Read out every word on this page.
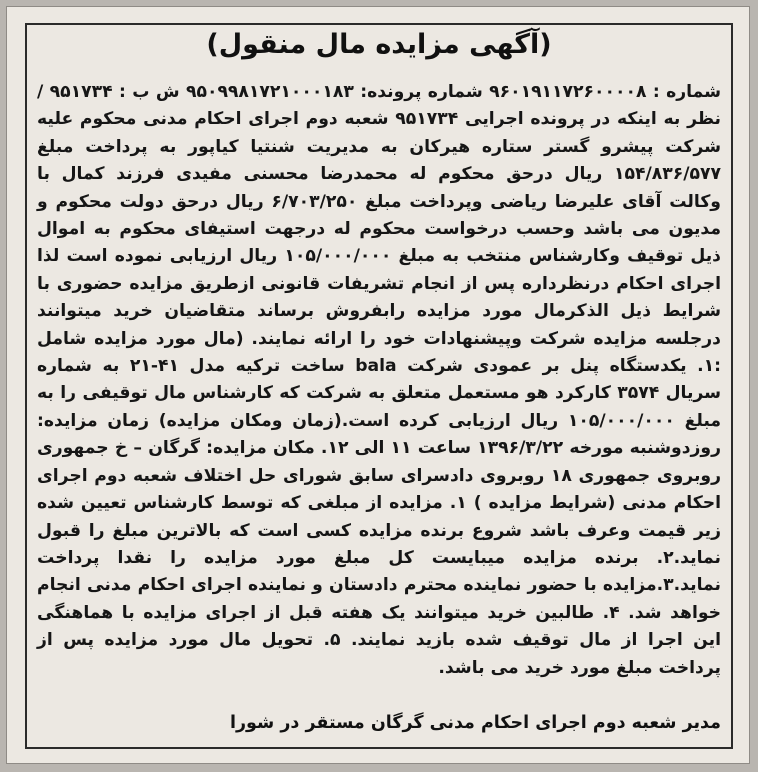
(آگهی مزایده مال منقول)

شماره : ۹۶۰۱۹۱۱۷۲۶۰۰۰۰۸ شماره پرونده: ۹۵۰۹۹۸۱۷۲۱۰۰۰۱۸۳ ش ب : ۹۵۱۷۳۴ / نظر به اینکه در پرونده اجرایی ۹۵۱۷۳۴ شعبه دوم اجرای احکام مدنی محکوم علیه شرکت پیشرو گستر ستاره هیرکان به مدیریت شنتیا کیاپور به پرداخت مبلغ ۱۵۴/۸۳۶/۵۷۷ ریال درحق محکوم له محمدرضا محسنی مفیدی فرزند کمال با وکالت آقای علیرضا ریاضی وپرداخت مبلغ ۶/۷۰۳/۲۵۰ ریال درحق دولت محکوم و مدیون می باشد وحسب درخواست محکوم له درجهت استیفای محکوم به اموال ذیل توقیف وکارشناس منتخب به مبلغ ۱۰۵/۰۰۰/۰۰۰ ریال ارزیابی نموده است لذا اجرای احکام درنظرداره پس از انجام تشریفات قانونی ازطریق مزایده حضوری با شرایط ذیل الذکرمال مورد مزایده رابفروش برساند متقاضیان خرید میتوانند درجلسه مزایده شرکت وپیشنهادات خود را ارائه نمایند. (مال مورد مزایده شامل :۱. یکدستگاه پنل بر عمودی شرکت bala ساخت ترکیه مدل ۴۱-۲۱ به شماره سریال ۳۵۷۴ کارکرد هو مستعمل متعلق به شرکت که کارشناس مال توقیفی را به مبلغ ۱۰۵/۰۰۰/۰۰۰ ریال ارزیابی کرده است.(زمان ومکان مزایده) زمان مزایده: روزدوشنبه مورخه ۱۳۹۶/۳/۲۲ ساعت ۱۱ الی ۱۲. مکان مزایده: گرگان – خ جمهوری روبروی جمهوری ۱۸ روبروی دادسرای سابق شورای حل اختلاف شعبه دوم اجرای احکام مدنی (شرایط مزایده ) ۱. مزایده از مبلغی که توسط کارشناس تعیین شده زیر قیمت وعرف باشد شروع برنده مزایده کسی است که بالاترین مبلغ را قبول نماید.۲. برنده مزایده میبایست کل مبلغ مورد مزایده را نقدا پرداخت نماید.۳.مزایده با حضور نماینده محترم دادستان و نماینده اجرای احکام مدنی انجام خواهد شد. ۴. طالبین خرید میتوانند یک هفته قبل از اجرای مزایده با هماهنگی این اجرا از مال توقیف شده بازید نمایند. ۵. تحویل مال مورد مزایده پس از پرداخت مبلغ مورد خرید می باشد.

مدیر شعبه دوم اجرای احکام مدنی گرگان مستقر در شورا
